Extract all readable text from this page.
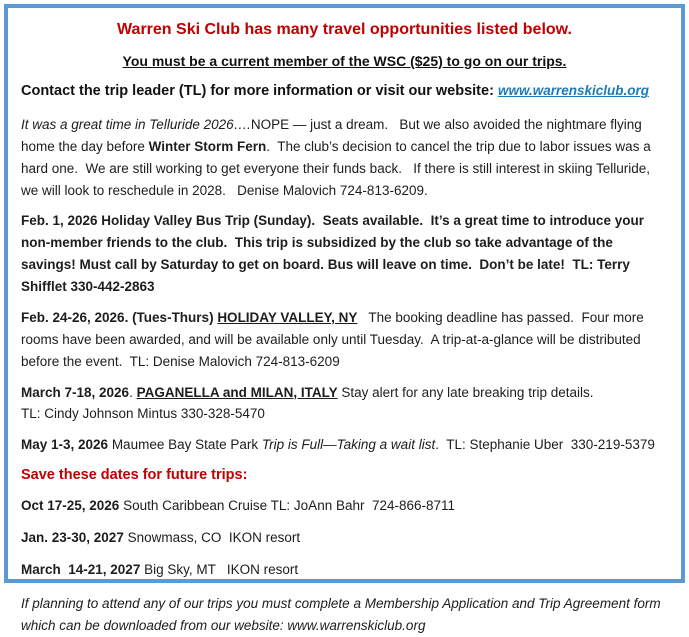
Warren Ski Club has many travel opportunities listed below.
You must be a current member of the WSC ($25) to go on our trips.

Contact the trip leader (TL) for more information or visit our website: www.warrenskiclub.org

It was a great time in Telluride 2026….NOPE — just a dream.   But we also avoided the nightmare flying home the day before Winter Storm Fern.  The club’s decision to cancel the trip due to labor issues was a hard one.  We are still working to get everyone their funds back.   If there is still interest in skiing Telluride, we will look to reschedule in 2028.   Denise Malovich 724-813-6209.

Feb. 1, 2026 Holiday Valley Bus Trip (Sunday).  Seats available.  It’s a great time to introduce your non-member friends to the club.  This trip is subsidized by the club so take advantage of the savings! Must call by Saturday to get on board. Bus will leave on time.  Don’t be late!  TL: Terry Shifflet 330-442-2863

Feb. 24-26, 2026. (Tues-Thurs) HOLIDAY VALLEY, NY   The booking deadline has passed.  Four more rooms have been awarded, and will be available only until Tuesday.  A trip-at-a-glance will be distributed before the event.  TL: Denise Malovich 724-813-6209

March 7-18, 2026. PAGANELLA and MILAN, ITALY Stay alert for any late breaking trip details.
TL: Cindy Johnson Mintus 330-328-5470

May 1-3, 2026 Maumee Bay State Park Trip is Full—Taking a wait list.  TL: Stephanie Uber  330-219-5379

Save these dates for future trips:

Oct 17-25, 2026 South Caribbean Cruise TL: JoAnn Bahr  724-866-8711

Jan. 23-30, 2027 Snowmass, CO  IKON resort

March  14-21, 2027 Big Sky, MT   IKON resort

If planning to attend any of our trips you must complete a Membership Application and Trip Agreement form which can be downloaded from our website: www.warrenskiclub.org
